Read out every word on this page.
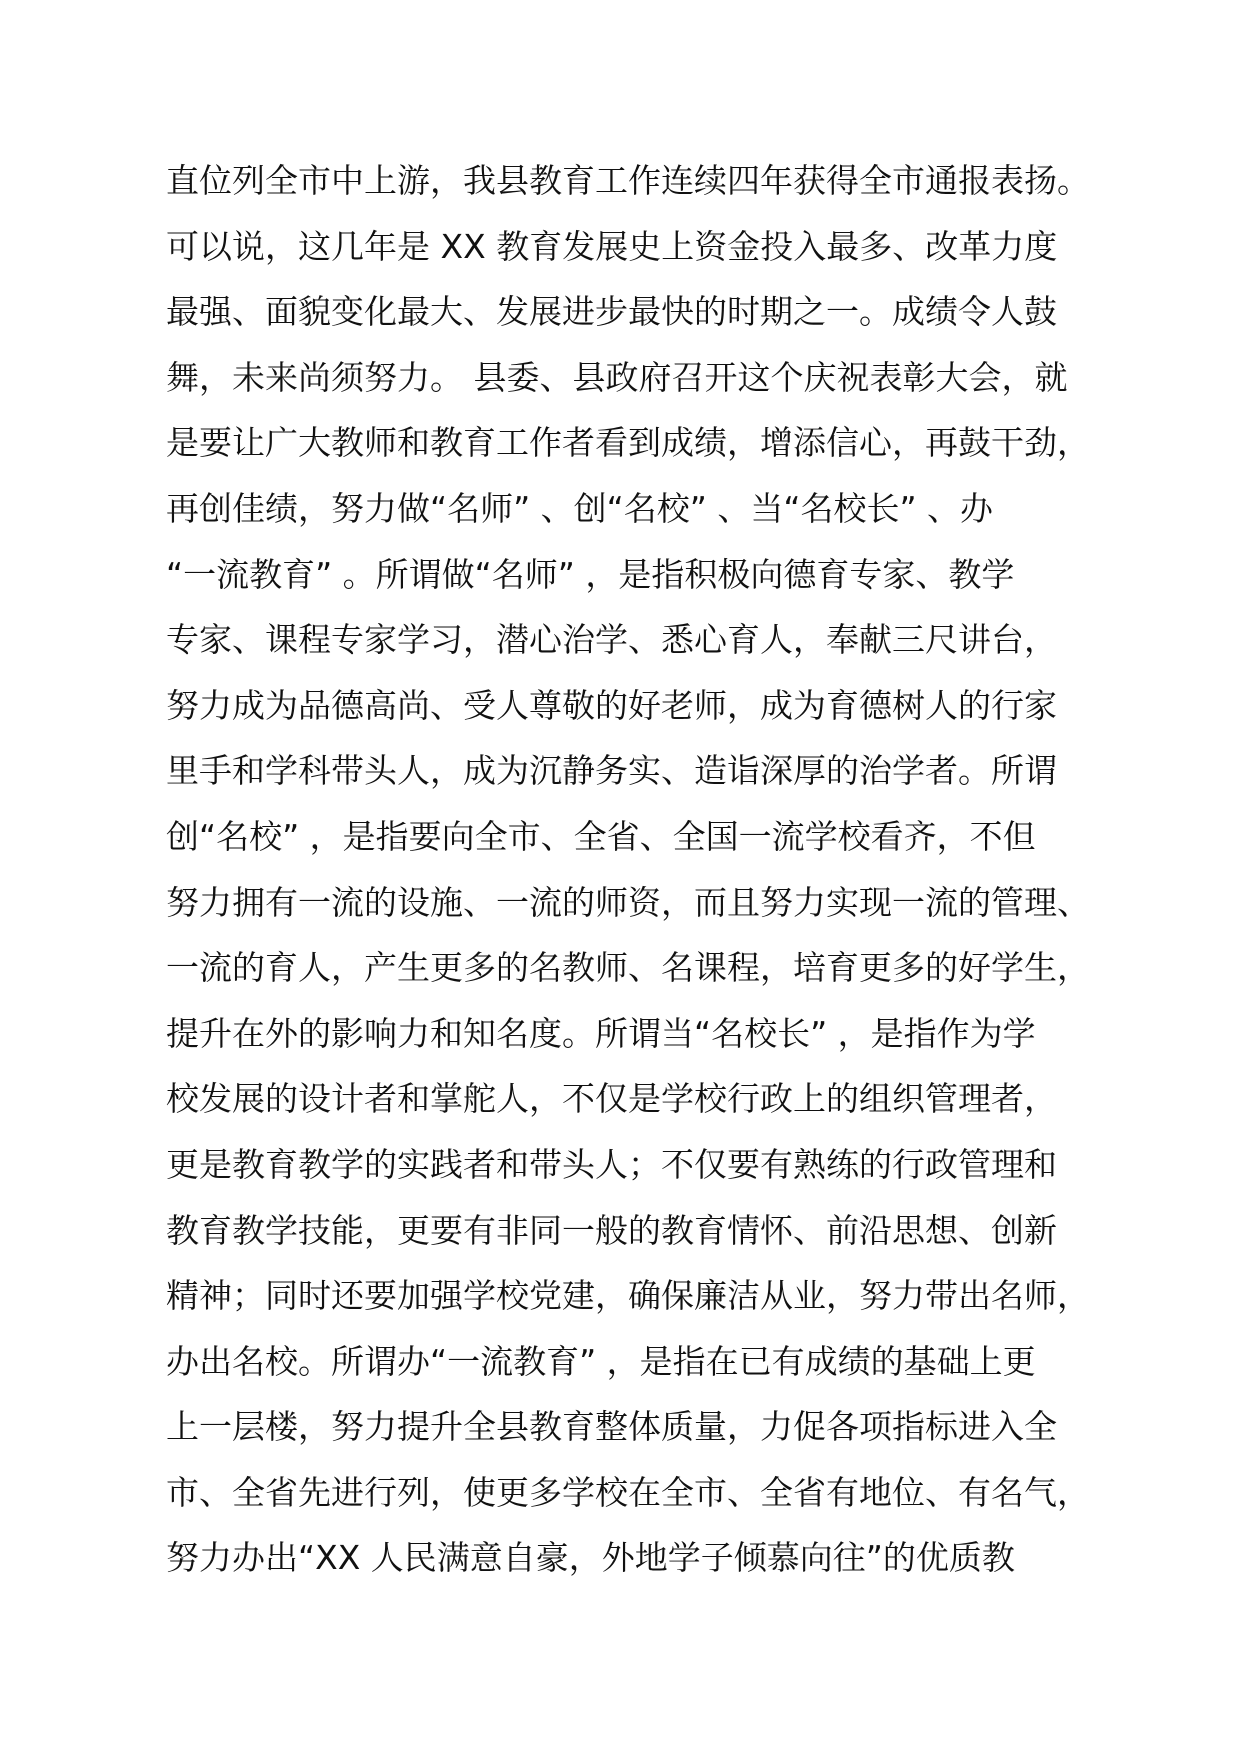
直位列全市中上游，我县教育工作连续四年获得全市通报表扬。
可以说，这几年是 XX 教育发展史上资金投入最多、改革力度
最强、面貌变化最大、发展进步最快的时期之一。成绩令人鼓
舞，未来尚须努力。 县委、县政府召开这个庆祝表彰大会，就
是要让广大教师和教育工作者看到成绩，增添信心，再鼓干劲，
再创佳绩，努力做“名师” 、创“名校” 、当“名校长” 、办
“一流教育” 。所谓做“名师” ，是指积极向德育专家、教学
专家、课程专家学习，潜心治学、悉心育人，奉献三尺讲台，
努力成为品德高尚、受人尊敬的好老师，成为育德树人的行家
里手和学科带头人，成为沉静务实、造诣深厚的治学者。所谓
创“名校” ，是指要向全市、全省、全国一流学校看齐，不但
努力拥有一流的设施、一流的师资，而且努力实现一流的管理、
一流的育人，产生更多的名教师、名课程，培育更多的好学生，
提升在外的影响力和知名度。所谓当“名校长” ，是指作为学
校发展的设计者和掌舵人，不仅是学校行政上的组织管理者，
更是教育教学的实践者和带头人；不仅要有熟练的行政管理和
教育教学技能，更要有非同一般的教育情怀、前沿思想、创新
精神；同时还要加强学校党建，确保廉洁从业，努力带出名师，
办出名校。所谓办“一流教育” ，是指在已有成绩的基础上更
上一层楼，努力提升全县教育整体质量，力促各项指标进入全
市、全省先进行列，使更多学校在全市、全省有地位、有名气，
努力办出“XX 人民满意自豪，外地学子倾慕向往”的优质教
